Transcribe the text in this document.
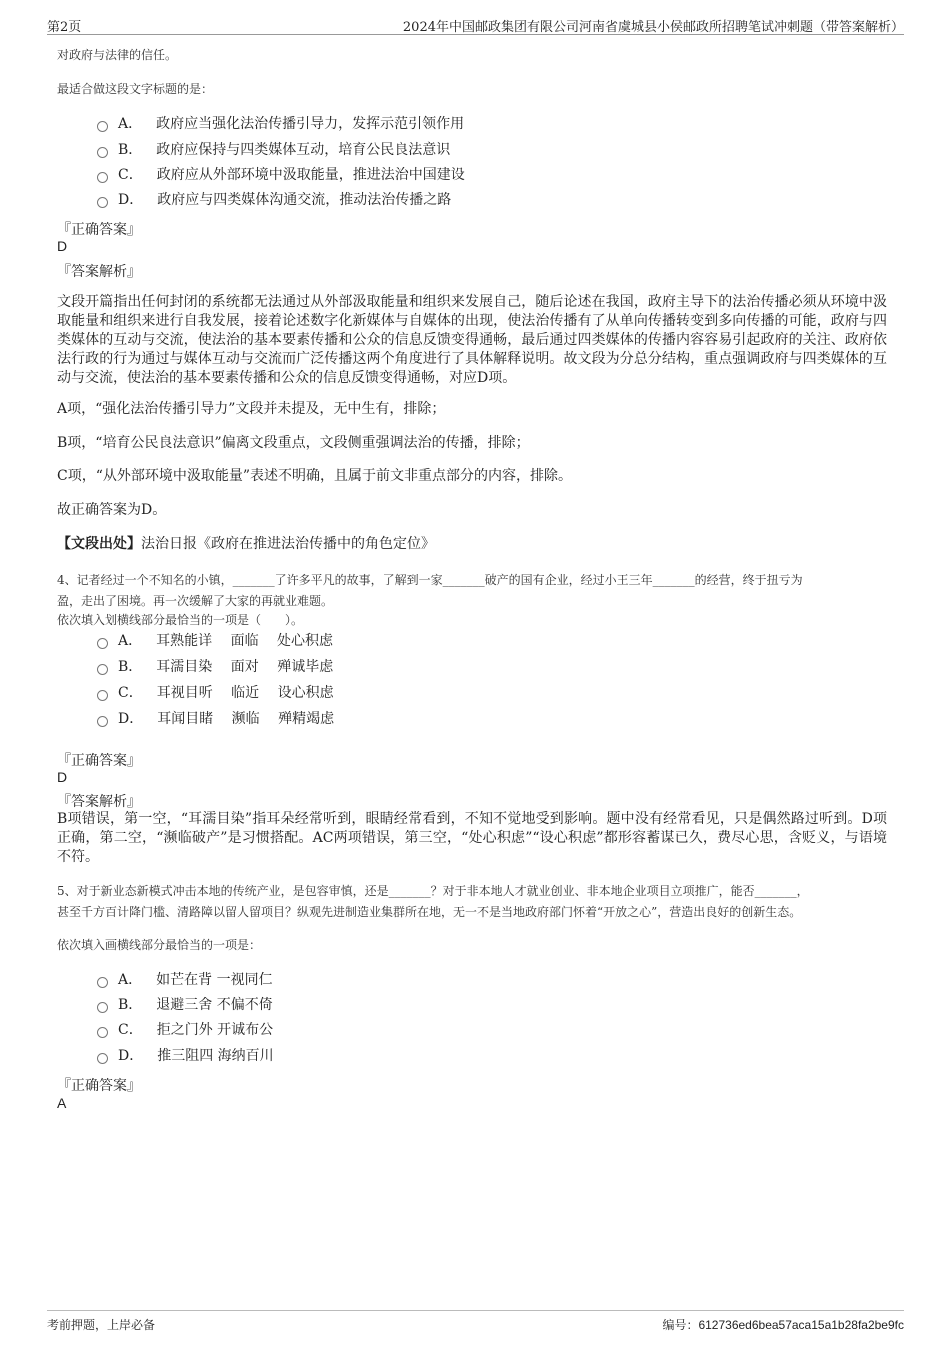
第2页	2024年中国邮政集团有限公司河南省虞城县小侯邮政所招聘笔试冲刺题（带答案解析）
对政府与法律的信任。
最适合做这段文字标题的是：
A． 政府应当强化法治传播引导力，发挥示范引领作用
B． 政府应保持与四类媒体互动，培育公民良法意识
C． 政府应从外部环境中汲取能量，推进法治中国建设
D． 政府应与四类媒体沟通交流，推动法治传播之路
『正确答案』
D
『答案解析』
文段开篇指出任何封闭的系统都无法通过从外部汲取能量和组织来发展自己，随后论述在我国，政府主导下的法治传播必须从环境中汲取能量和组织来进行自我发展，接着论述数字化新媒体与自媒体的出现，使法治传播有了从单向传播转变到多向传播的可能，政府与四类媒体的互动与交流，使法治的基本要素传播和公众的信息反馈变得通畅，最后通过四类媒体的传播内容容易引起政府的关注、政府依法行政的行为通过与媒体互动与交流而广泛传播这两个角度进行了具体解释说明。故文段为分总分结构，重点强调政府与四类媒体的互动与交流，使法治的基本要素传播和公众的信息反馈变得通畅，对应D项。
A项，“强化法治传播引导力”文段并未提及，无中生有，排除；
B项，“培育公民良法意识”偏离文段重点，文段侧重强调法治的传播，排除；
C项，“从外部环境中汲取能量”表述不明确，且属于前文非重点部分的内容，排除。
故正确答案为D。
【文段出处】法治日报《政府在推进法治传播中的角色定位》
4、记者经过一个不知名的小镇，_______了许多平凡的故事，了解到一家_______破产的国有企业，经过小王三年_______的经营，终于扭亏为
盈，走出了困境。再一次缓解了大家的再就业难题。
依次填入划横线部分最恰当的一项是（　　）。
A． 耳熟能详　 面临　 处心积虑
B． 耳濡目染　 面对　 殚诚毕虑
C． 耳视目听　 临近　 设心积虑
D． 耳闻目睹　 濒临　 殚精竭虑
『正确答案』
D
『答案解析』
B项错误，第一空，“耳濡目染”指耳朵经常听到，眼睛经常看到，不知不觉地受到影响。题中没有经常看见，只是偶然路过听到。D项正确，第二空，“濒临破产”是习惯搭配。AC两项错误，第三空，“处心积虑”“设心积虑”都形容蓄谋已久，费尽心思，含贬义，与语境不符。
5、对于新业态新模式冲击本地的传统产业，是包容审慎，还是_______？对于非本地人才就业创业、非本地企业项目立项推广，能否_______，
甚至千方百计降门槛、清路障以留人留项目？纵观先进制造业集群所在地，无一不是当地政府部门怀着“开放之心”，营造出良好的创新生态。
依次填入画横线部分最恰当的一项是：
A． 如芒在背 一视同仁
B． 退避三舍 不偏不倚
C． 拒之门外 开诚布公
D． 推三阻四 海纳百川
『正确答案』
A
考前押题，上岸必备	编号：612736ed6bea57aca15a1b28fa2be9fc
